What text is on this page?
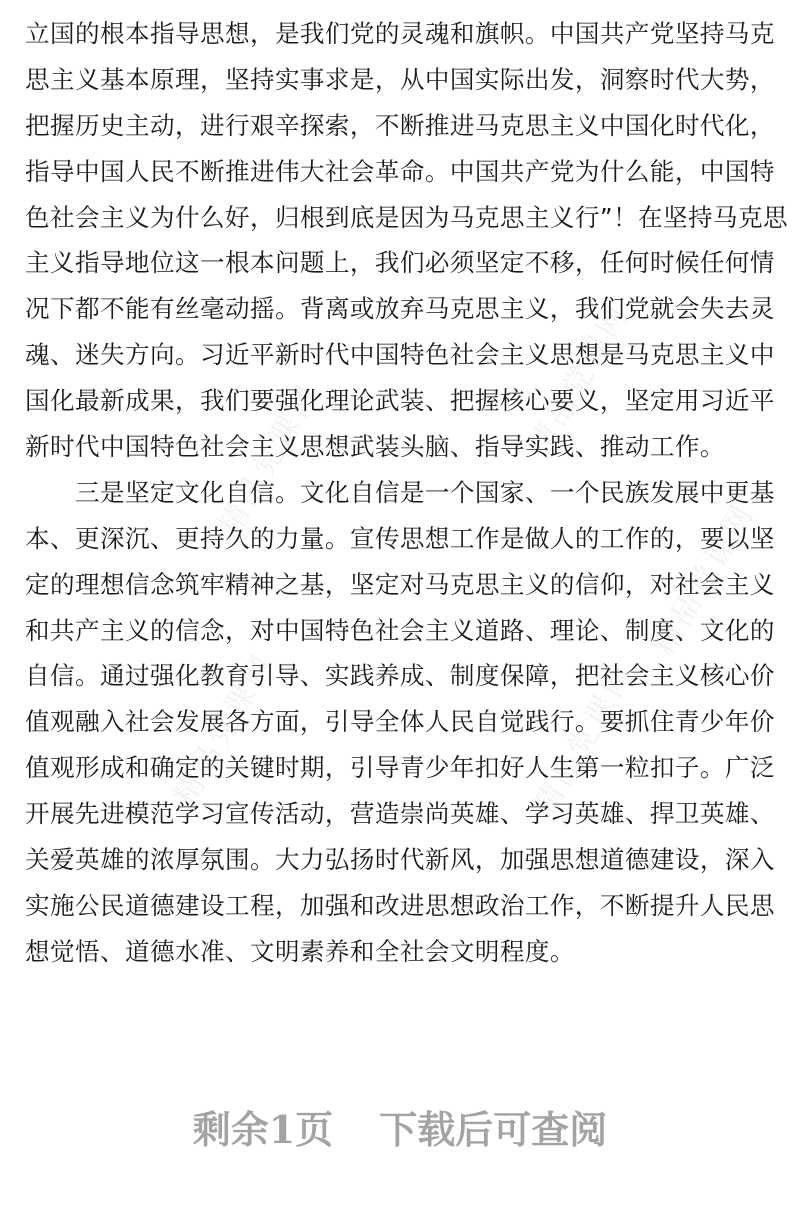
精品党课网	精品党课网
精品党课网
精品党课网	精品党课网
立国的根本指导思想，是我们党的灵魂和旗帜。中国共产党坚持马克
思主义基本原理，坚持实事求是，从中国实际出发，洞察时代大势，
把握历史主动，进行艰辛探索，不断推进马克思主义中国化时代化，
指导中国人民不断推进伟大社会革命。中国共产党为什么能，中国特
色社会主义为什么好，归根到底是因为马克思主义行”！在坚持马克思
主义指导地位这一根本问题上，我们必须坚定不移，任何时候任何情
况下都不能有丝毫动摇。背离或放弃马克思主义，我们党就会失去灵
魂、迷失方向。习近平新时代中国特色社会主义思想是马克思主义中
国化最新成果，我们要强化理论武装、把握核心要义，坚定用习近平
新时代中国特色社会主义思想武装头脑、指导实践、推动工作。
　　三是坚定文化自信。文化自信是一个国家、一个民族发展中更基
本、更深沉、更持久的力量。宣传思想工作是做人的工作的，要以坚
定的理想信念筑牢精神之基，坚定对马克思主义的信仰，对社会主义
和共产主义的信念，对中国特色社会主义道路、理论、制度、文化的
自信。通过强化教育引导、实践养成、制度保障，把社会主义核心价
值观融入社会发展各方面，引导全体人民自觉践行。要抓住青少年价
值观形成和确定的关键时期，引导青少年扣好人生第一粒扣子。广泛
开展先进模范学习宣传活动，营造崇尚英雄、学习英雄、捍卫英雄、
关爱英雄的浓厚氛围。大力弘扬时代新风，加强思想道德建设，深入
实施公民道德建设工程，加强和改进思想政治工作，不断提升人民思
想觉悟、道德水准、文明素养和全社会文明程度。
剩余1页 下载后可查阅
